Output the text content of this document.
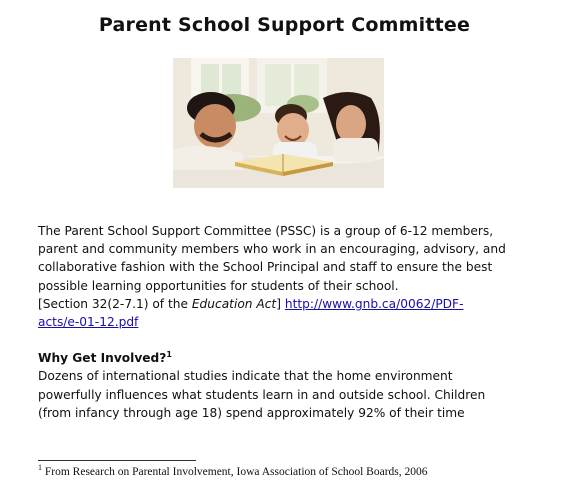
Parent School Support Committee

The Parent School Support Committee (PSSC) is a group of 6-12 members,

parent and community members who work in an encouraging, advisory, and

collaborative fashion with the School Principal and staff to ensure the best

possible learning opportunities for students of their school.

[Section 32(2-7.1) of the Education Act] http://www.gnb.ca/0062/PDF-

acts/e-01-12.pdf

Why Get Involved?$^1$

Dozens of international studies indicate that the home environment

powerfully influences what students learn in and outside school. Children

(from infancy through age 18) spend approximately 92% of their time

$^1$ From Research on Parental Involvement, Iowa Association of School Boards, 2006
